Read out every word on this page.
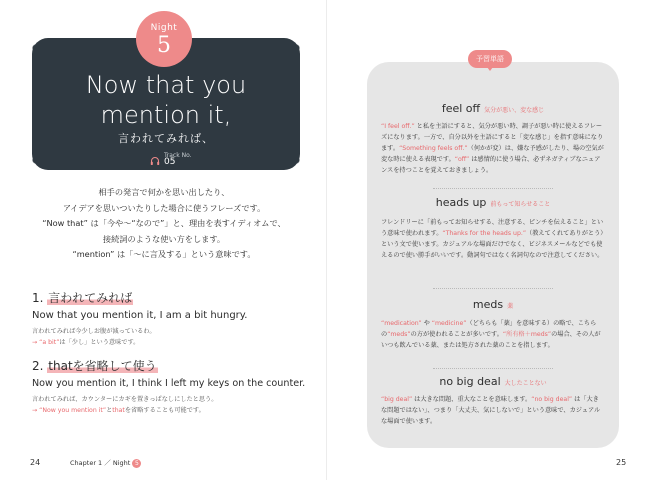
Night
5
Now that you
mention it,
言われてみれば、
Track No.
05

相手の発言で何かを思い出したり、

アイデアを思いついたりした場合に使うフレーズです。

“Now that” は「今や〜“なので”」と、理由を表すイディオムで、

接続詞のような使い方をします。

“mention” は「〜に言及する」という意味です。

1. 言われてみれば
Now that you mention it, I am a bit hungry.
言われてみれば今少しお腹が減っているわ。
→ “a bit”は「少し」という意味です。
2. thatを省略して使う
Now you mention it, I think I left my keys on the counter.
言われてみれば、カウンターにカギを置きっぱなしにしたと思う。
→ “Now you mention it”とthatを省略することも可能です。
24	Chapter 1 ／ Night 5
予習単語
feel off 気分が悪い、変な感じ
“I feel off.” と私を主語にすると、気分が悪い時、調子が悪い時に使えるフレーズになります。一方で、自分以外を主語にすると「変な感じ」を指す意味になります。“Something feels off.”（何かが変）は、嫌な予感がしたり、場の空気が変な時に使える表現です。“off” は感情的に使う場合、必ずネガティブなニュアンスを持つことを覚えておきましょう。
heads up 前もって知らせること
フレンドリーに「前もってお知らせする、注意する、ピンチを伝えること」という意味で使われます。“Thanks for the heads up.”（教えてくれてありがとう）という文で使います。カジュアルな場面だけでなく、ビジネスメールなどでも使えるので使い勝手がいいです。動詞句ではなく名詞句なので注意してください。
meds 薬
“medication” や “medicine”（どちらも「薬」を意味する）の略で、こちらの“meds”の方が使われることが多いです。“所有格＋meds”の場合、その人がいつも飲んでいる薬、または処方された薬のことを指します。
no big deal 大したことない
“big deal” は大きな問題、重大なことを意味します。“no big deal” は「大きな問題ではない」、つまり「大丈夫、気にしないで」という意味で、カジュアルな場面で使います。
25
